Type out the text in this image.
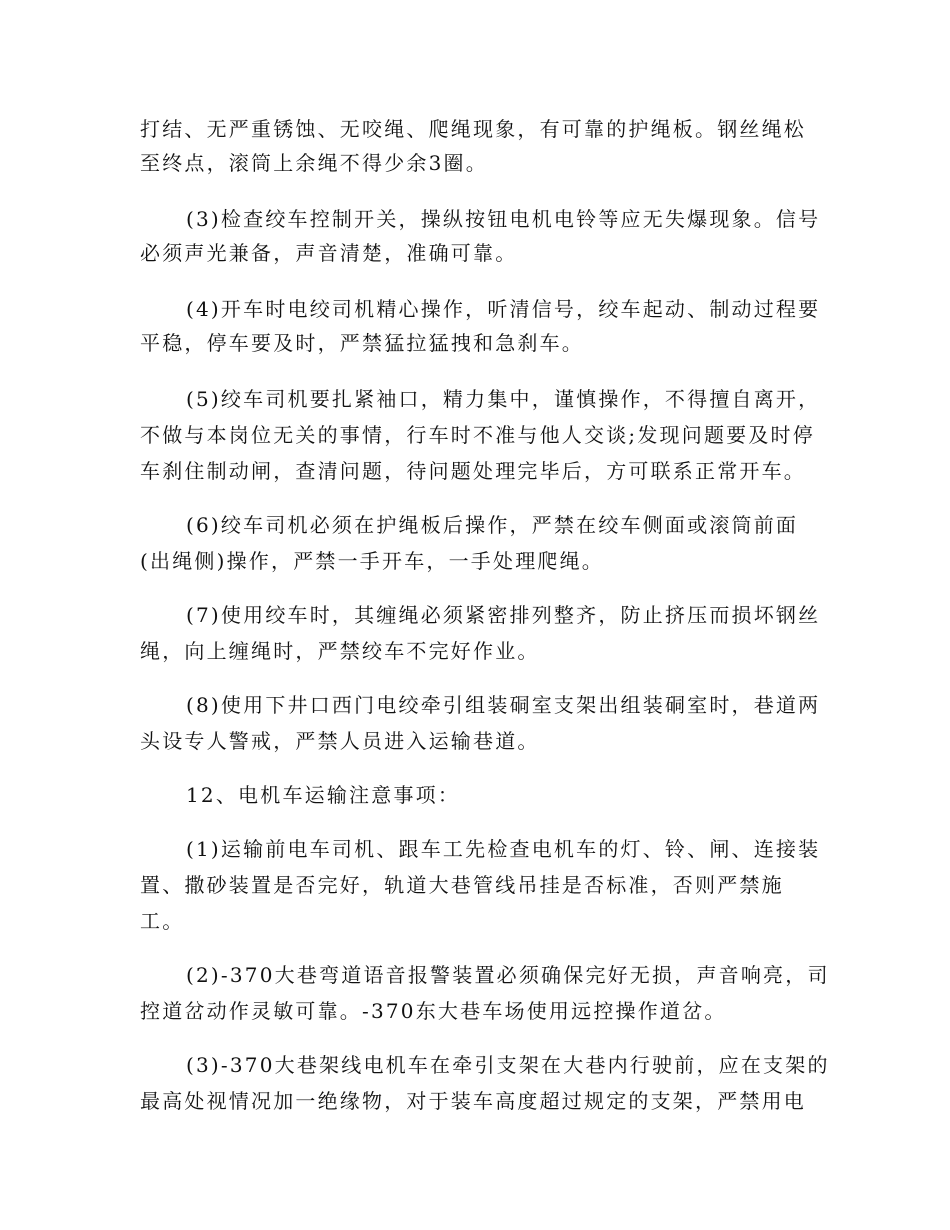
打结、无严重锈蚀、无咬绳、爬绳现象，有可靠的护绳板。钢丝绳松
至终点，滚筒上余绳不得少余3圈。
(3)检查绞车控制开关，操纵按钮电机电铃等应无失爆现象。信号
必须声光兼备，声音清楚，准确可靠。
(4)开车时电绞司机精心操作，听清信号，绞车起动、制动过程要
平稳，停车要及时，严禁猛拉猛拽和急刹车。
(5)绞车司机要扎紧袖口，精力集中，谨慎操作，不得擅自离开，
不做与本岗位无关的事情，行车时不准与他人交谈;发现问题要及时停
车刹住制动闸，查清问题，待问题处理完毕后，方可联系正常开车。
(6)绞车司机必须在护绳板后操作，严禁在绞车侧面或滚筒前面
(出绳侧)操作，严禁一手开车，一手处理爬绳。
(7)使用绞车时，其缠绳必须紧密排列整齐，防止挤压而损坏钢丝
绳，向上缠绳时，严禁绞车不完好作业。
(8)使用下井口西门电绞牵引组装硐室支架出组装硐室时，巷道两
头设专人警戒，严禁人员进入运输巷道。
12、电机车运输注意事项：
(1)运输前电车司机、跟车工先检查电机车的灯、铃、闸、连接装
置、撒砂装置是否完好，轨道大巷管线吊挂是否标准，否则严禁施
工。
(2)-370大巷弯道语音报警装置必须确保完好无损，声音响亮，司
控道岔动作灵敏可靠。-370东大巷车场使用远控操作道岔。
(3)-370大巷架线电机车在牵引支架在大巷内行驶前，应在支架的
最高处视情况加一绝缘物，对于装车高度超过规定的支架，严禁用电
